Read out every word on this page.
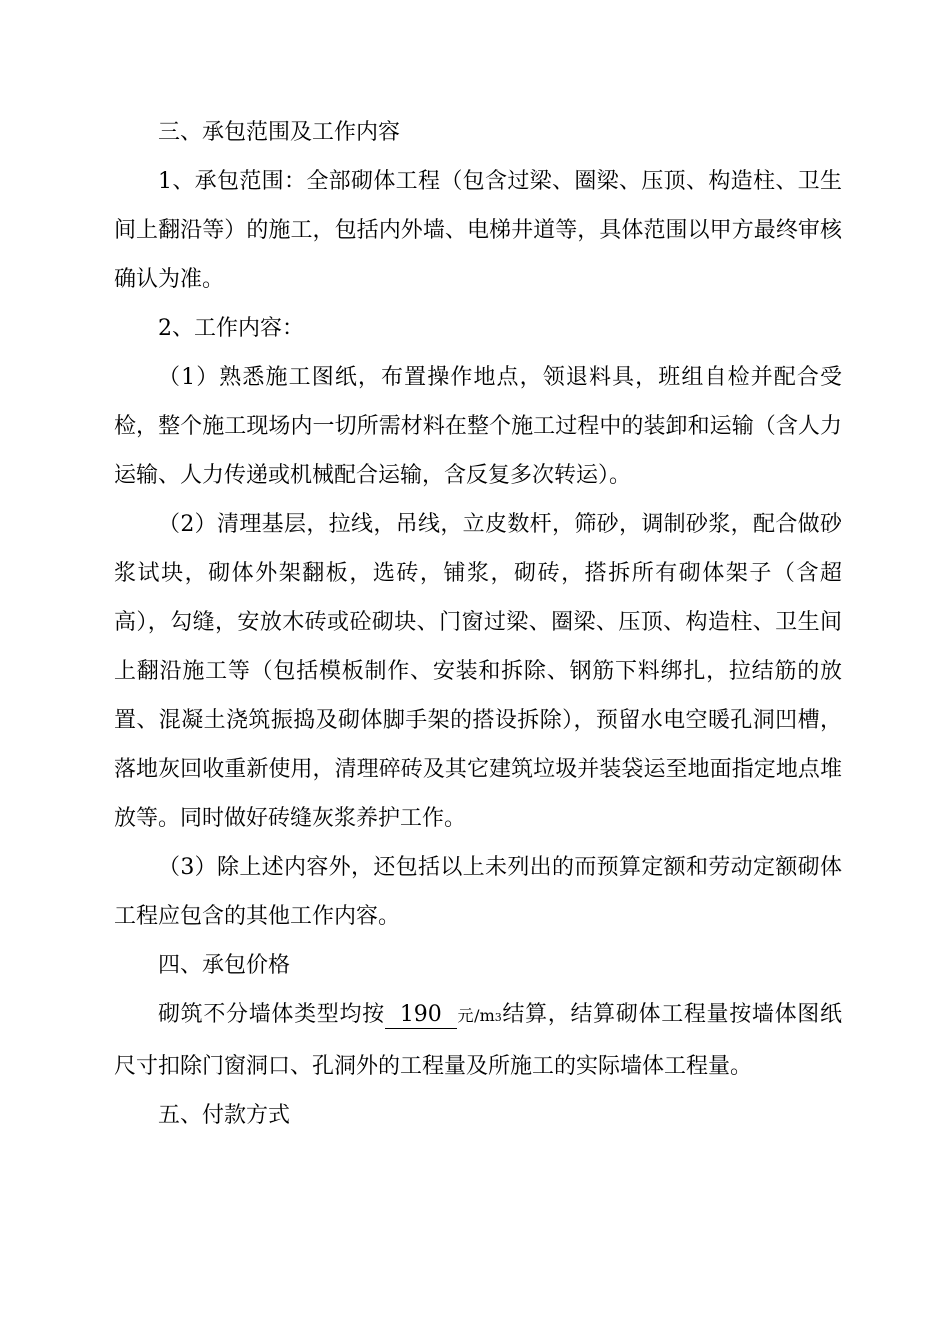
三、承包范围及工作内容

1、承包范围：全部砌体工程（包含过梁、圈梁、压顶、构造柱、卫生间上翻沿等）的施工，包括内外墙、电梯井道等，具体范围以甲方最终审核确认为准。

2、工作内容：

（1）熟悉施工图纸，布置操作地点，领退料具，班组自检并配合受检，整个施工现场内一切所需材料在整个施工过程中的装卸和运输（含人力运输、人力传递或机械配合运输，含反复多次转运）。

（2）清理基层，拉线，吊线，立皮数杆，筛砂，调制砂浆，配合做砂浆试块，砌体外架翻板，选砖，铺浆，砌砖，搭拆所有砌体架子（含超高），勾缝，安放木砖或砼砌块、门窗过梁、圈梁、压顶、构造柱、卫生间上翻沿施工等（包括模板制作、安装和拆除、钢筋下料绑扎，拉结筋的放置、混凝土浇筑振捣及砌体脚手架的搭设拆除），预留水电空暖孔洞凹槽，落地灰回收重新使用，清理碎砖及其它建筑垃圾并装袋运至地面指定地点堆放等。同时做好砖缝灰浆养护工作。

（3）除上述内容外，还包括以上未列出的而预算定额和劳动定额砌体工程应包含的其他工作内容。

四、承包价格

砌筑不分墙体类型均按 190 元/m3结算，结算砌体工程量按墙体图纸尺寸扣除门窗洞口、孔洞外的工程量及所施工的实际墙体工程量。

五、付款方式
